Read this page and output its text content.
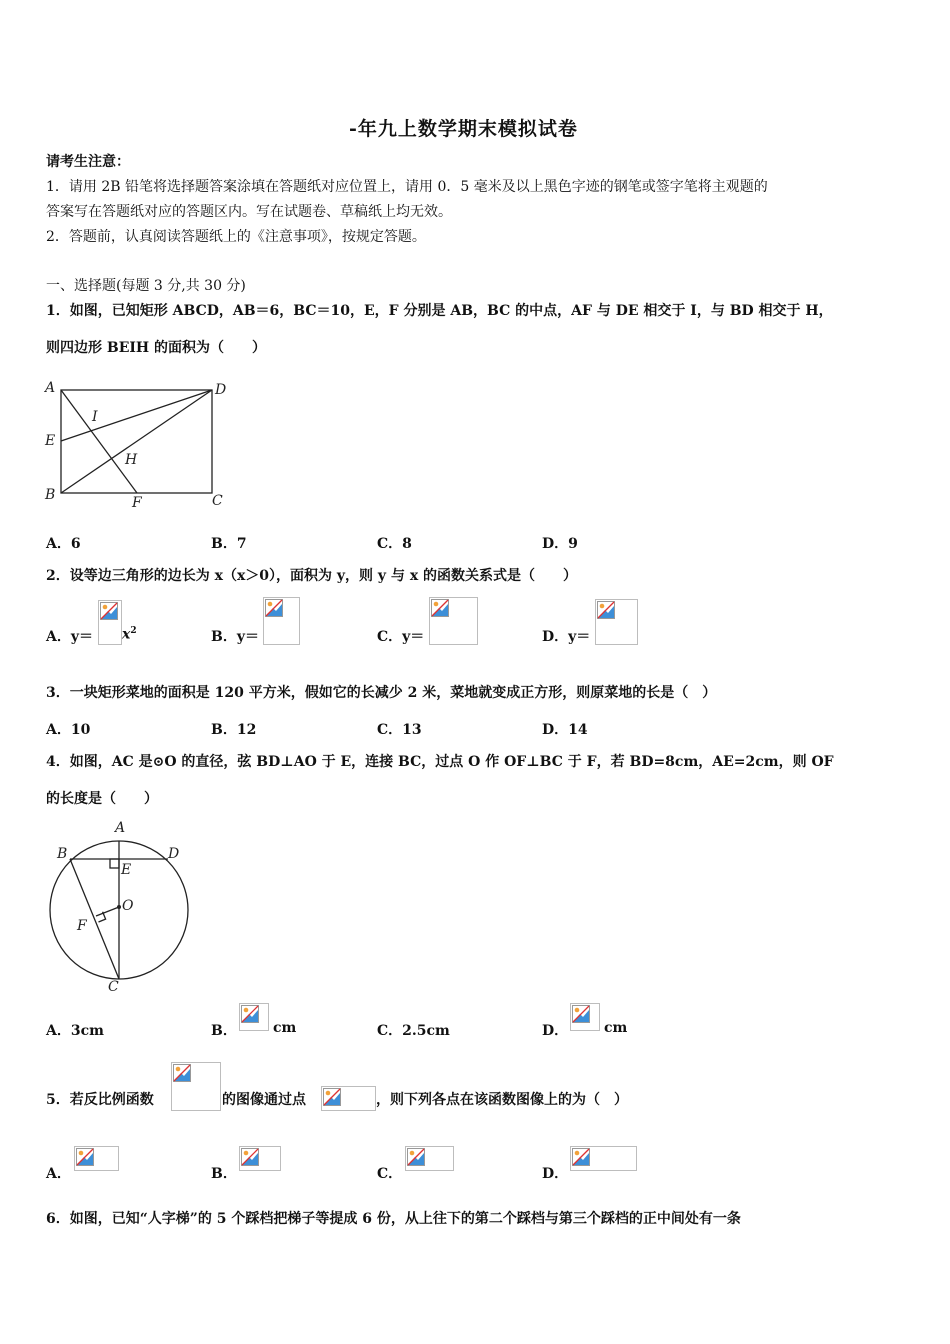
-年九上数学期末模拟试卷
请考生注意：
1．请用 2B 铅笔将选择题答案涂填在答题纸对应位置上，请用 0．5 毫米及以上黑色字迹的钢笔或签字笔将主观题的
答案写在答题纸对应的答题区内。写在试题卷、草稿纸上均无效。
2．答题前，认真阅读答题纸上的《注意事项》，按规定答题。
一、选择题(每题 3 分,共 30 分)
1．如图，已知矩形 ABCD，AB＝6，BC＝10，E，F 分别是 AB，BC 的中点，AF 与 DE 相交于 I，与 BD 相交于 H，
则四边形 BEIH 的面积为（　　）
A	D
I
E
H
B	F	C
A．6	B．7	C．8	D．9
2．设等边三角形的边长为 x（x＞0），面积为 y，则 y 与 x 的函数关系式是（　　）
A．$y= x^2$	B．y＝	C．y＝	D．y＝
3．一块矩形菜地的面积是 120 平方米，假如它的长减少 2 米，菜地就变成正方形，则原菜地的长是（　）
A．10	B．12	C．13	D．14
4．如图，AC 是⊙O 的直径，弦 BD⊥AO 于 E，连接 BC，过点 O 作 OF⊥BC 于 F，若 BD=8cm，AE=2cm，则 OF
的长度是（　　）
A
B	D
E
O
F
C
A．3cm	B．	cm	C．2.5cm	D．	cm
5．若反比例函数	的图像通过点	，则下列各点在该函数图像上的为（　）
A．	B．	C．	D．
6．如图，已知“人字梯”的 5 个踩档把梯子等提成 6 份，从上往下的第二个踩档与第三个踩档的正中间处有一条
